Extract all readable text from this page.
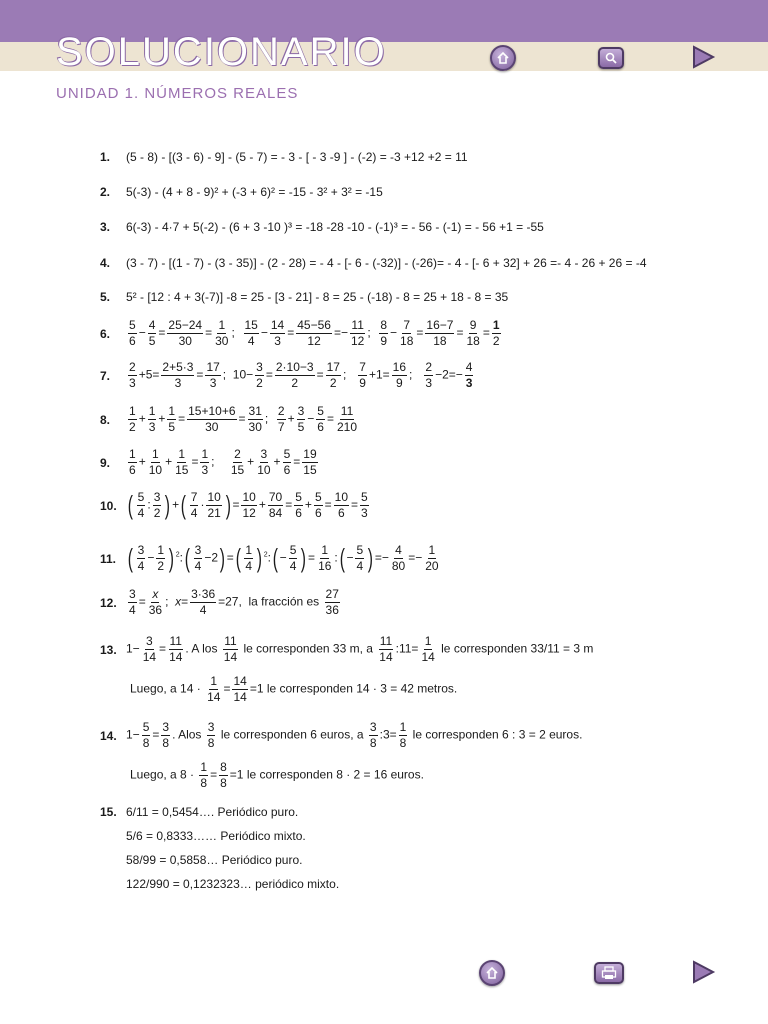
SOLUCIONARIO
UNIDAD 1. NÚMEROS REALES
1.	(5 - 8) - [(3 - 6) - 9] - (5 - 7) = - 3 - [ - 3 -9 ] - (-2) = -3 +12 +2 = 11
2.	5(-3) - (4 + 8 - 9)² + (-3 + 6)² = -15 - 3² + 3² = -15
3.	6(-3) - 4·7 + 5(-2) - (6 + 3 -10 )³ = -18 -28 -10 - (-1)³ = - 56 - (-1) = - 56 +1 = -55
4.	(3 - 7) - [(1 - 7) - (3 - 35)] - (2 - 28) = - 4 - [- 6 - (-32)] - (-26)= - 4 - [- 6 + 32] + 26 =- 4 - 26 + 26 = -4
5.	5² - [12 : 4 + 3(-7)] -8 = 25 - [3 - 21] - 8 = 25 - (-18) - 8 = 25 + 18 - 8 = 35
6.	$\frac{5}{6} - \frac{4}{5} = \frac{25-24}{30} = \frac{1}{30}$ ; $\frac{15}{4} - \frac{14}{3} = \frac{45-56}{12} =- \frac{11}{12}$ ; $\frac{8}{9} - \frac{7}{18} = \frac{16-7}{18} = \frac{9}{18} = \frac{1}{2}$
7.	$\frac{2}{3} +5= \frac{2+5\cdot 3}{3} = \frac{17}{3}$ ;  $10- \frac{3}{2} = \frac{2\cdot 10-3}{2} = \frac{17}{2}$ ; $\frac{7}{9} +1= \frac{16}{9}$ ; $\frac{2}{3} -2=- \frac{4}{3}$
8.	$\frac{1}{2} + \frac{1}{3} + \frac{1}{5} = \frac{15+10+6}{30} = \frac{31}{30}$ ; $\frac{2}{7} + \frac{3}{5} - \frac{5}{6} = \frac{11}{210}$
9.	$\frac{1}{6} + \frac{1}{10} + \frac{1}{15} = \frac{1}{3}$ ; $\frac{2}{15} + \frac{3}{10} + \frac{5}{6} = \frac{19}{15}$
10. ( $\frac{5}{4}$ : $\frac{3}{2}$ ) +( $\frac{7}{4} \cdot \frac{10}{21}$ ) = $\frac{10}{12} + \frac{70}{84} = \frac{5}{6} + \frac{5}{6} = \frac{10}{6} = \frac{5}{3}$
11. ( $\frac{3}{4} - \frac{1}{2}$ ) $^2$:( $\frac{3}{4} -2$) =( $\frac{1}{4}$ ) $^2$:( − $\frac{5}{4}$ ) = $\frac{1}{16}$ :( − $\frac{5}{4}$ ) =− $\frac{4}{80} =- \frac{1}{20}$
12. $\frac{3}{4} = \frac{x}{36}$ ;  $x= \frac{3\cdot 36}{4} =27$,  la fracción es $\frac{27}{36}$
13. $1- \frac{3}{14} = \frac{11}{14}$ . A los $\frac{11}{14}$ le corresponden 33 m, a $\frac{11}{14}$ :11= $\frac{1}{14}$ le corresponden 33/11 = 3 m
Luego, a $14 \cdot \frac{1}{14} = \frac{14}{14} =1$ le corresponden 14 · 3 = 42 metros.
14. $1- \frac{5}{8} = \frac{3}{8}$ . Alos $\frac{3}{8}$ le corresponden 6 euros, a $\frac{3}{8}$ :3= $\frac{1}{8}$ le corresponden 6 : 3 = 2 euros.
Luego, a $8 \cdot \frac{1}{8} = \frac{8}{8} =1$ le corresponden 8 · 2 = 16 euros.
15. 6/11 = 0,5454…. Periódico puro.
5/6 = 0,8333…… Periódico mixto.
58/99 = 0,5858… Periódico puro.
122/990 = 0,1232323… periódico mixto.
